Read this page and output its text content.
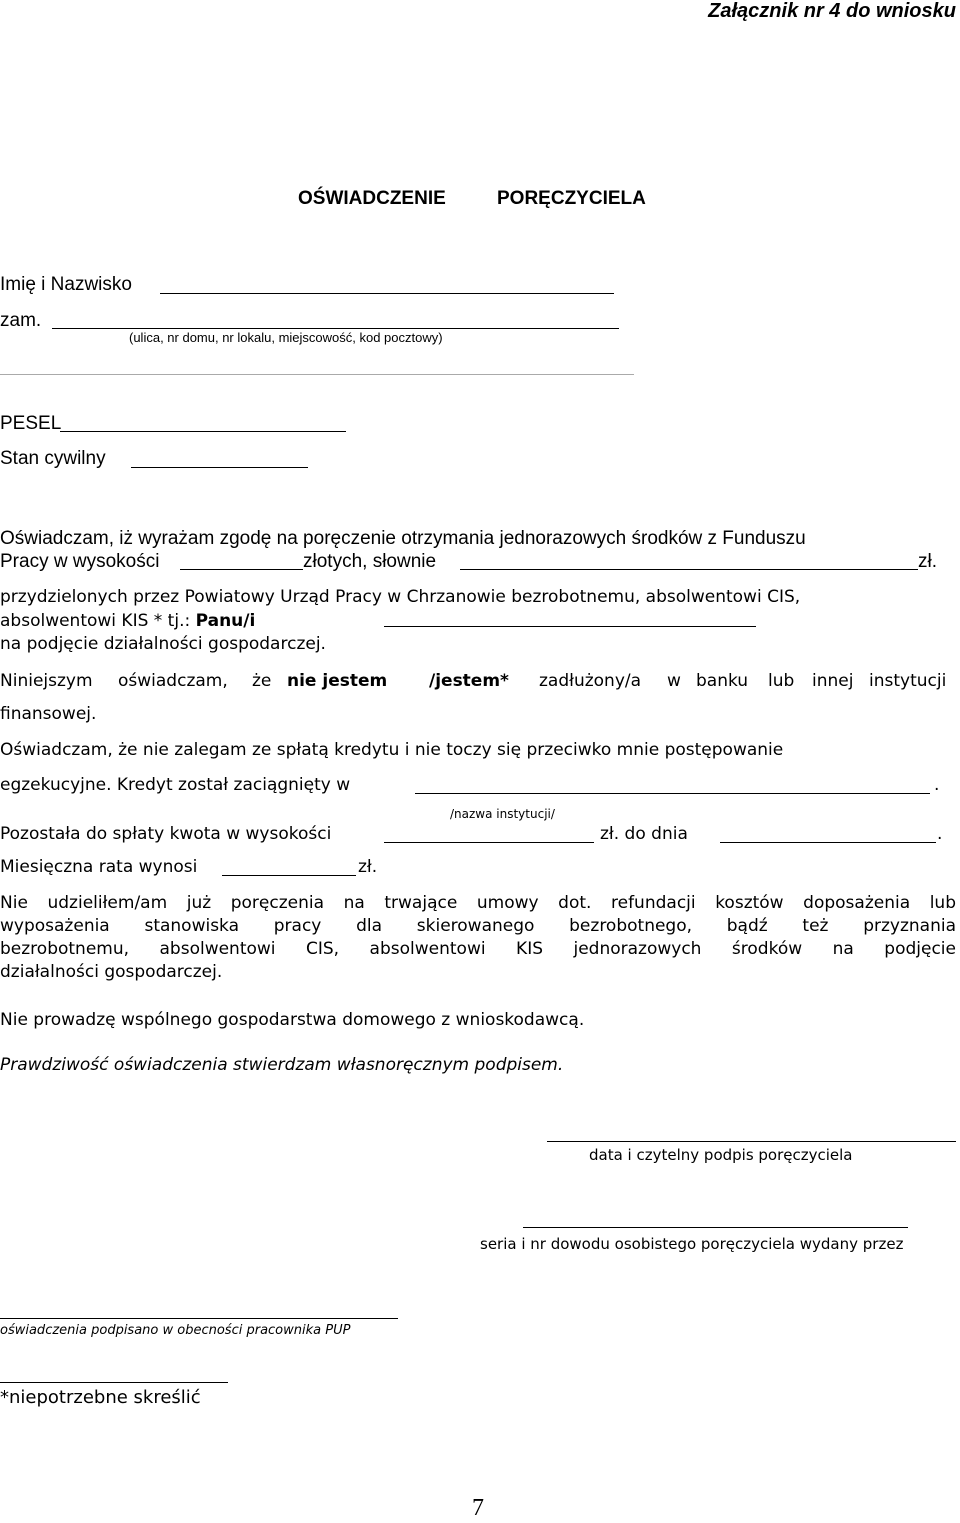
Załącznik nr 4 do wniosku
OŚWIADCZENIE	PORĘCZYCIELA
Imię i Nazwisko
zam.
(ulica, nr domu, nr lokalu, miejscowość, kod pocztowy)
PESEL
Stan cywilny
Oświadczam, iż wyrażam zgodę na poręczenie otrzymania jednorazowych środków z Funduszu
Pracy w wysokości	złotych, słownie	zł.
przydzielonych przez Powiatowy Urząd Pracy w Chrzanowie bezrobotnemu, absolwentowi CIS,
absolwentowi KIS * tj.: Panu/i
na podjęcie działalności gospodarczej.
Niniejszym oświadczam, że nie jestem /jestem* zadłużony/a w banku lub innej instytucji
finansowej.
Oświadczam, że nie zalegam ze spłatą kredytu i nie toczy się przeciwko mnie postępowanie
egzekucyjne. Kredyt został zaciągnięty w	.
/nazwa instytucji/
Pozostała do spłaty kwota w wysokości	zł. do dnia	.
Miesięczna rata wynosi	zł.
Nie udzieliłem/am już poręczenia na trwające umowy dot. refundacji kosztów doposażenia lub
wyposażenia stanowiska pracy dla skierowanego bezrobotnego, bądź też przyznania
bezrobotnemu, absolwentowi CIS, absolwentowi KIS jednorazowych środków na podjęcie
działalności gospodarczej.
Nie prowadzę wspólnego gospodarstwa domowego z wnioskodawcą.
Prawdziwość oświadczenia stwierdzam własnoręcznym podpisem.
data i czytelny podpis poręczyciela
seria i nr dowodu osobistego poręczyciela wydany przez
oświadczenia podpisano w obecności pracownika PUP
*niepotrzebne skreślić
7
